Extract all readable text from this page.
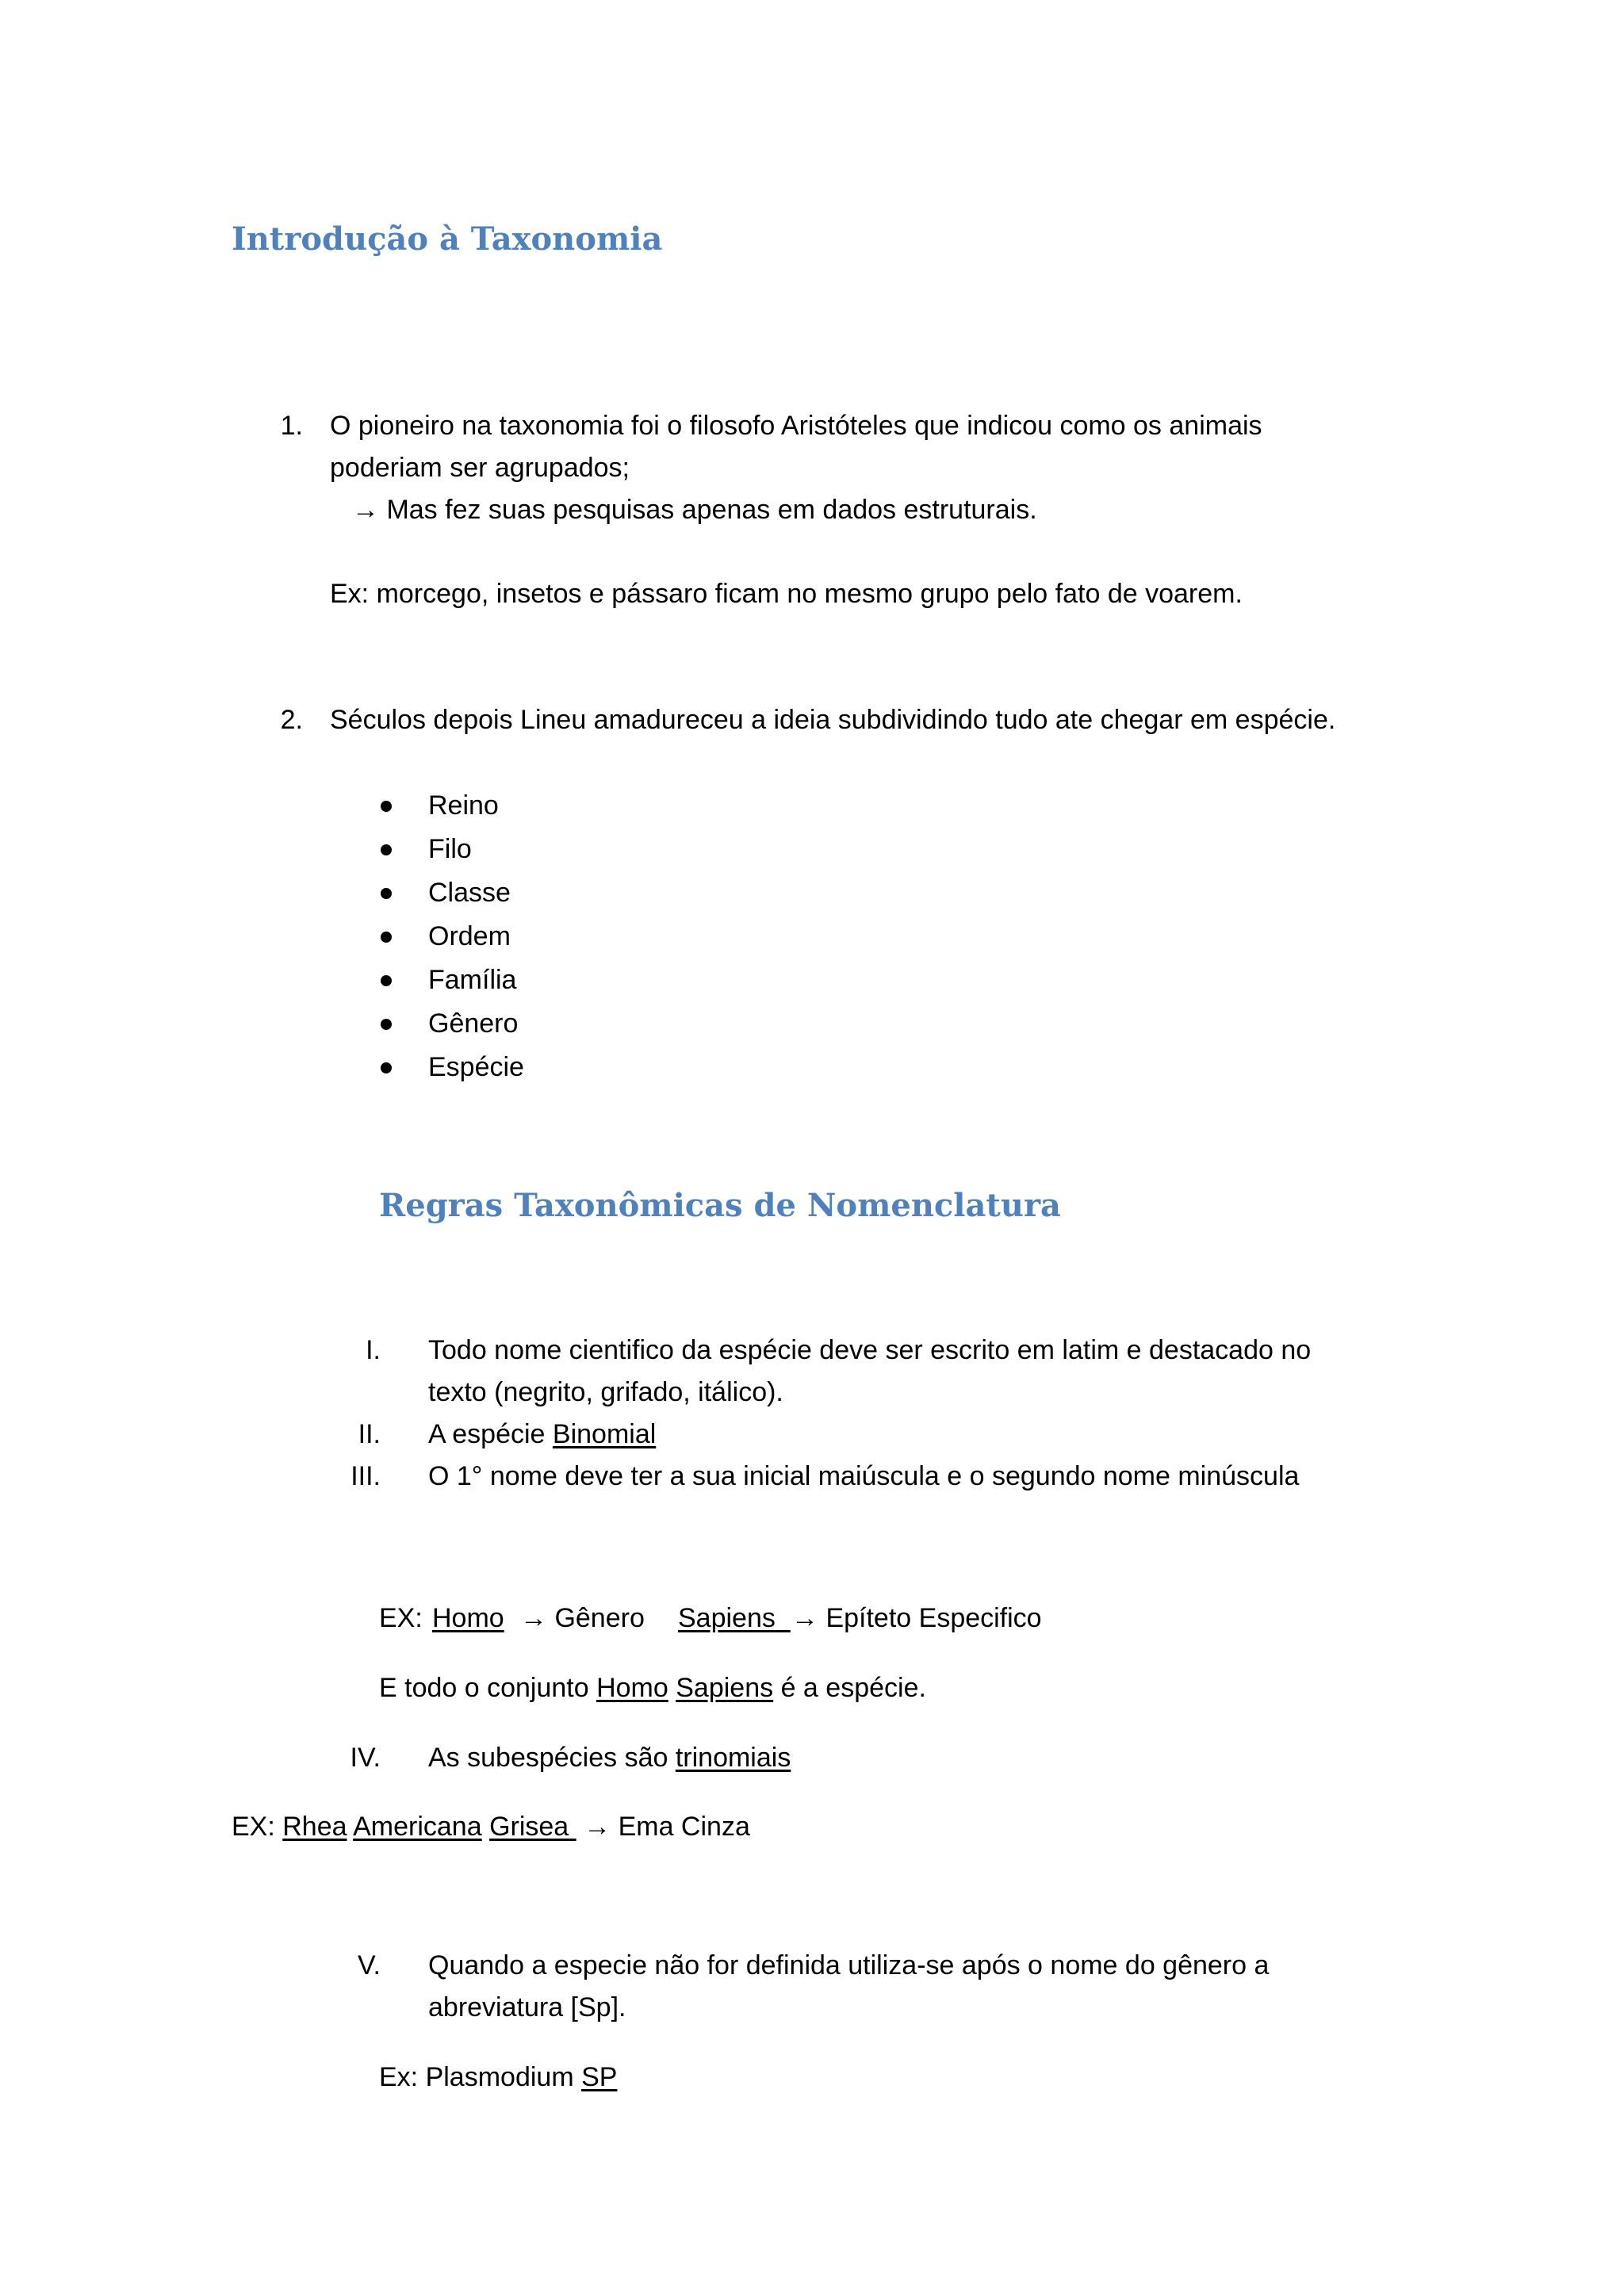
Introdução à Taxonomia
1. O pioneiro na taxonomia foi o filosofo Aristóteles que indicou como os animais
poderiam ser agrupados;
→ Mas fez suas pesquisas apenas em dados estruturais.
Ex: morcego, insetos e pássaro ficam no mesmo grupo pelo fato de voarem.
2. Séculos depois Lineu amadureceu a ideia subdividindo tudo ate chegar em espécie.
Reino
Filo
Classe
Ordem
Família
Gênero
Espécie
Regras Taxonômicas de Nomenclatura
I. Todo nome cientifico da espécie deve ser escrito em latim e destacado no
texto (negrito, grifado, itálico).
II. A espécie Binomial
III. O 1° nome deve ter a sua inicial maiúscula e o segundo nome minúscula
EX: Homo → Gênero Sapiens → Epíteto Especifico
E todo o conjunto Homo Sapiens é a espécie.
IV. As subespécies são trinomiais
EX: Rhea Americana Grisea → Ema Cinza
V. Quando a especie não for definida utiliza-se após o nome do gênero a
abreviatura [Sp].
Ex: Plasmodium SP
